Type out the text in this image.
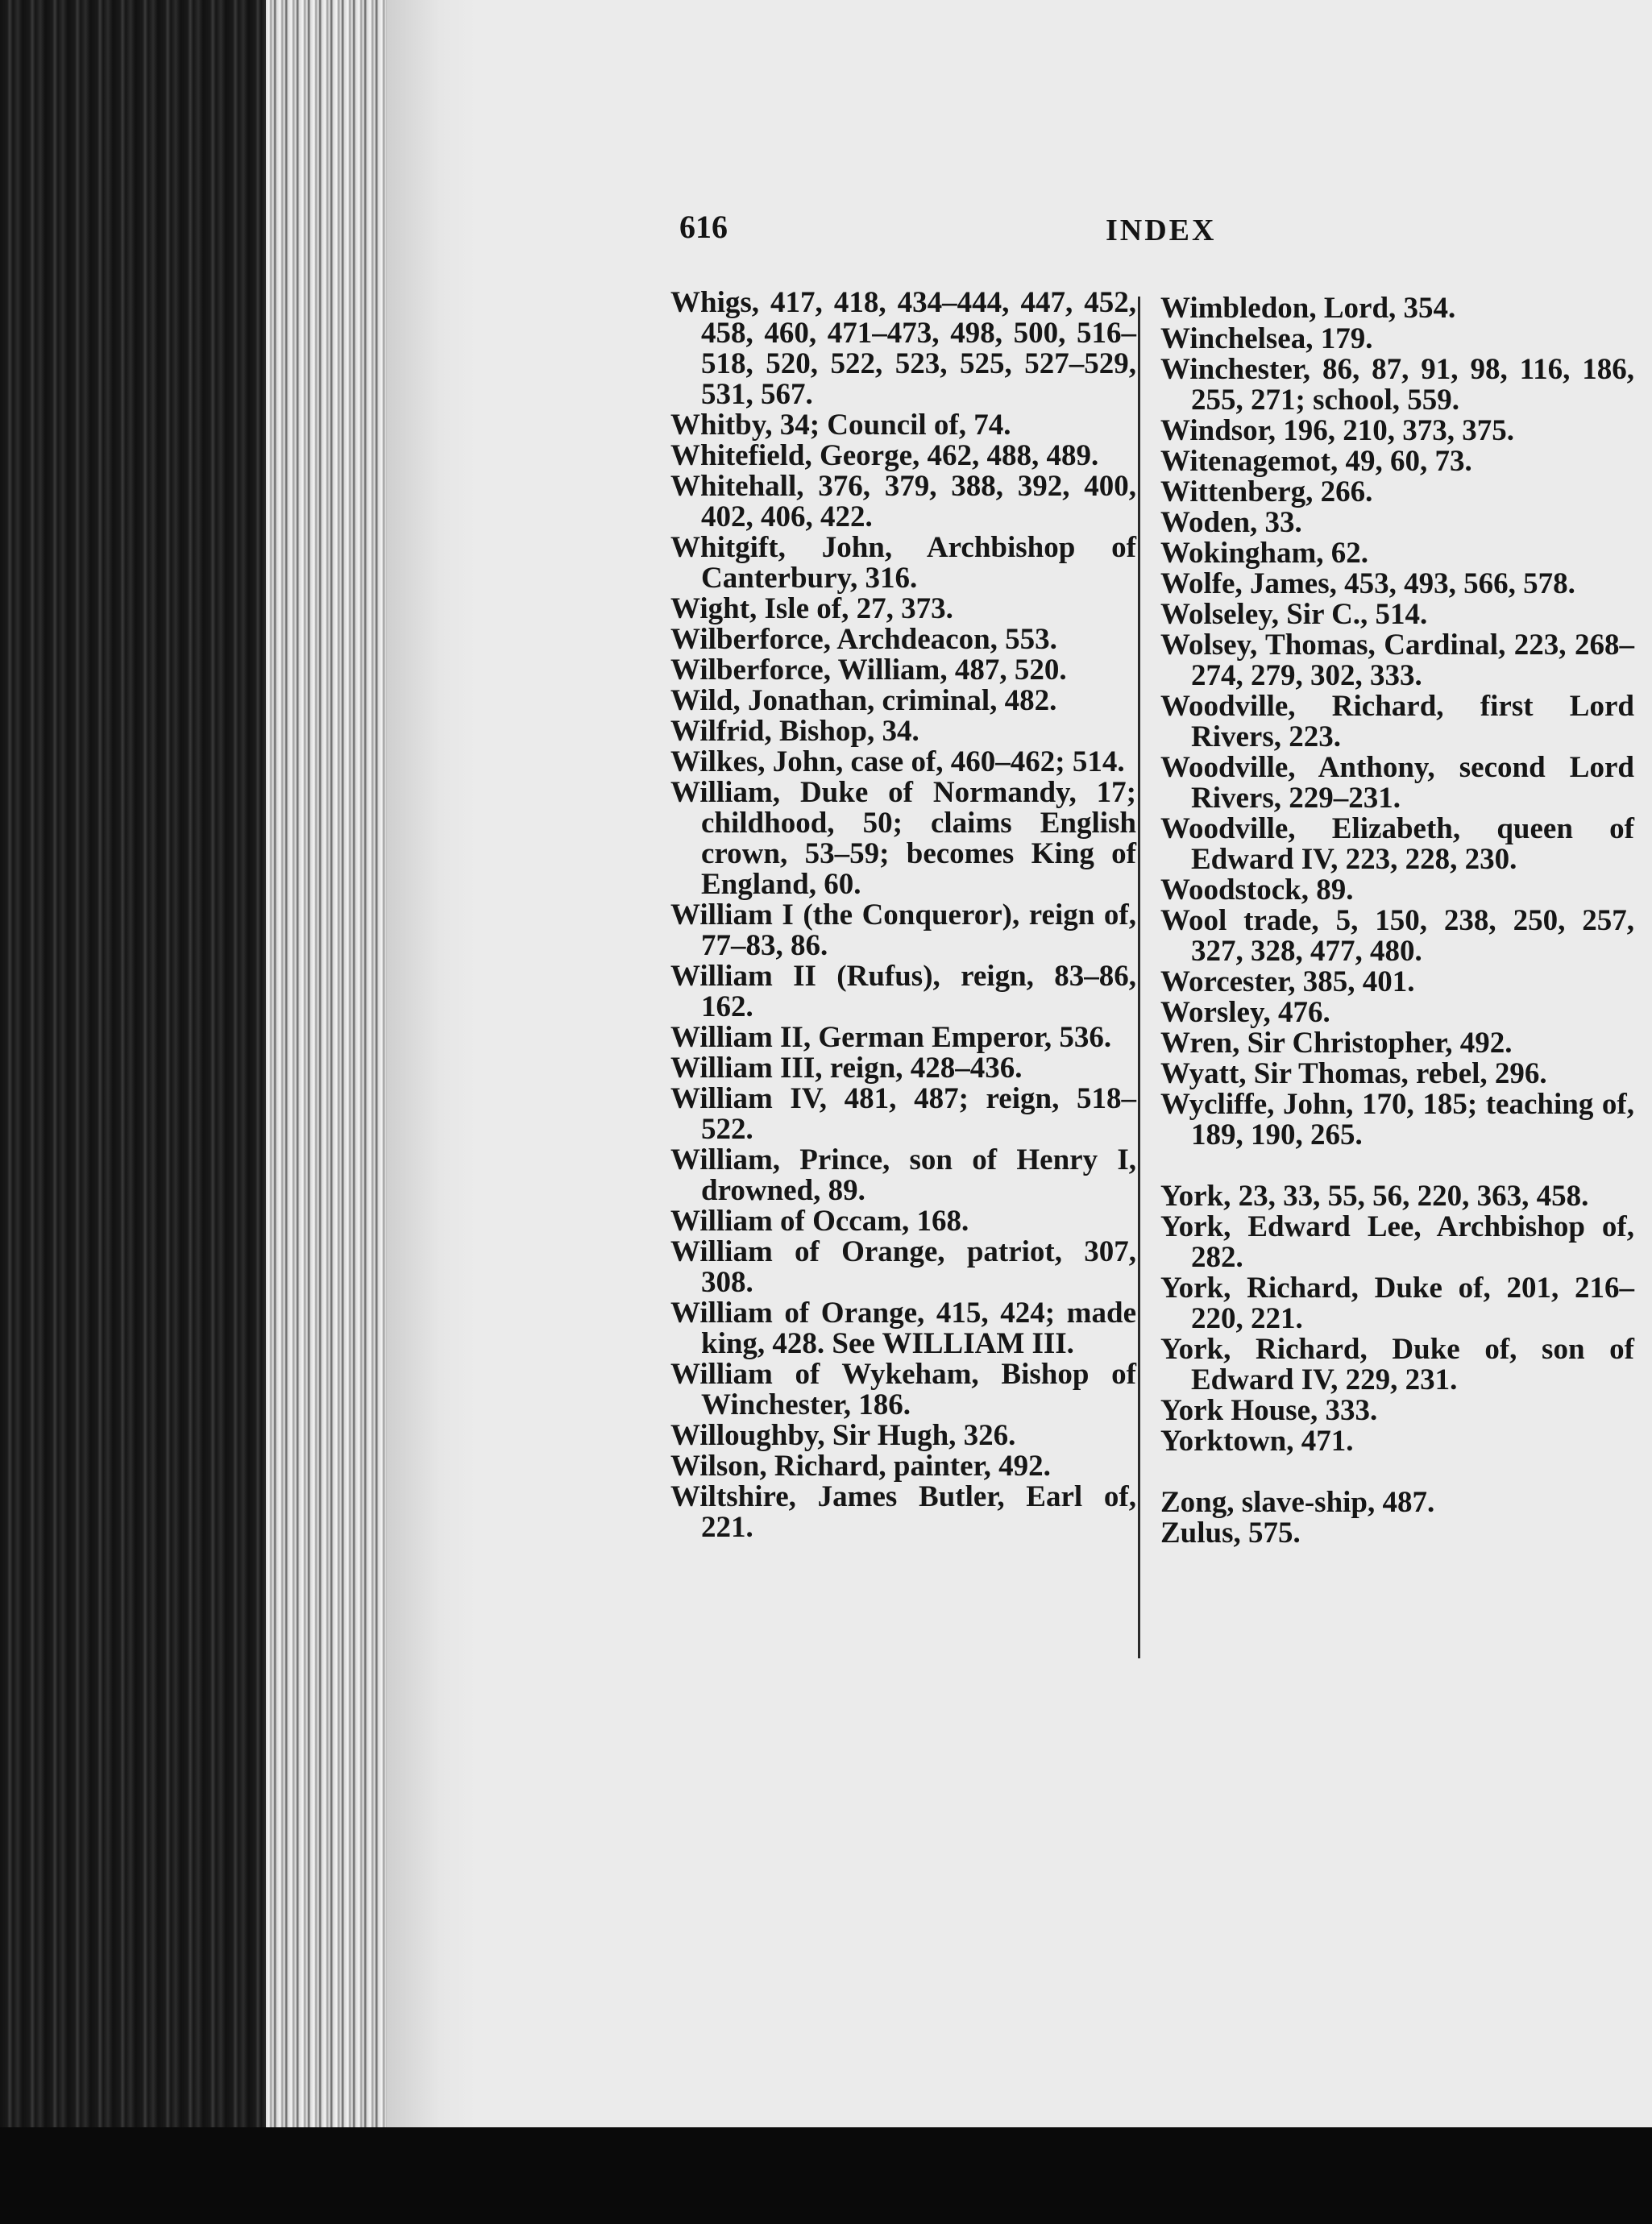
616	INDEX

Whigs, 417, 418, 434–444, 447, 452, 458, 460, 471–473, 498, 500, 516–518, 520, 522, 523, 525, 527–529, 531, 567.

Whitby, 34; Council of, 74.

Whitefield, George, 462, 488, 489.

Whitehall, 376, 379, 388, 392, 400, 402, 406, 422.

Whitgift, John, Archbishop of Canterbury, 316.

Wight, Isle of, 27, 373.

Wilberforce, Archdeacon, 553.

Wilberforce, William, 487, 520.

Wild, Jonathan, criminal, 482.

Wilfrid, Bishop, 34.

Wilkes, John, case of, 460–462; 514.

William, Duke of Normandy, 17; childhood, 50; claims English crown, 53–59; becomes King of England, 60.

William I (the Conqueror), reign of, 77–83, 86.

William II (Rufus), reign, 83–86, 162.

William II, German Emperor, 536.

William III, reign, 428–436.

William IV, 481, 487; reign, 518–522.

William, Prince, son of Henry I, drowned, 89.

William of Occam, 168.

William of Orange, patriot, 307, 308.

William of Orange, 415, 424; made king, 428. See WILLIAM III.

William of Wykeham, Bishop of Winchester, 186.

Willoughby, Sir Hugh, 326.

Wilson, Richard, painter, 492.

Wiltshire, James Butler, Earl of, 221.

Wimbledon, Lord, 354.

Winchelsea, 179.

Winchester, 86, 87, 91, 98, 116, 186, 255, 271; school, 559.

Windsor, 196, 210, 373, 375.

Witenagemot, 49, 60, 73.

Wittenberg, 266.

Woden, 33.

Wokingham, 62.

Wolfe, James, 453, 493, 566, 578.

Wolseley, Sir C., 514.

Wolsey, Thomas, Cardinal, 223, 268–274, 279, 302, 333.

Woodville, Richard, first Lord Rivers, 223.

Woodville, Anthony, second Lord Rivers, 229–231.

Woodville, Elizabeth, queen of Edward IV, 223, 228, 230.

Woodstock, 89.

Wool trade, 5, 150, 238, 250, 257, 327, 328, 477, 480.

Worcester, 385, 401.

Worsley, 476.

Wren, Sir Christopher, 492.

Wyatt, Sir Thomas, rebel, 296.

Wycliffe, John, 170, 185; teaching of, 189, 190, 265.

York, 23, 33, 55, 56, 220, 363, 458.

York, Edward Lee, Archbishop of, 282.

York, Richard, Duke of, 201, 216–220, 221.

York, Richard, Duke of, son of Edward IV, 229, 231.

York House, 333.

Yorktown, 471.

Zong, slave-ship, 487.

Zulus, 575.
